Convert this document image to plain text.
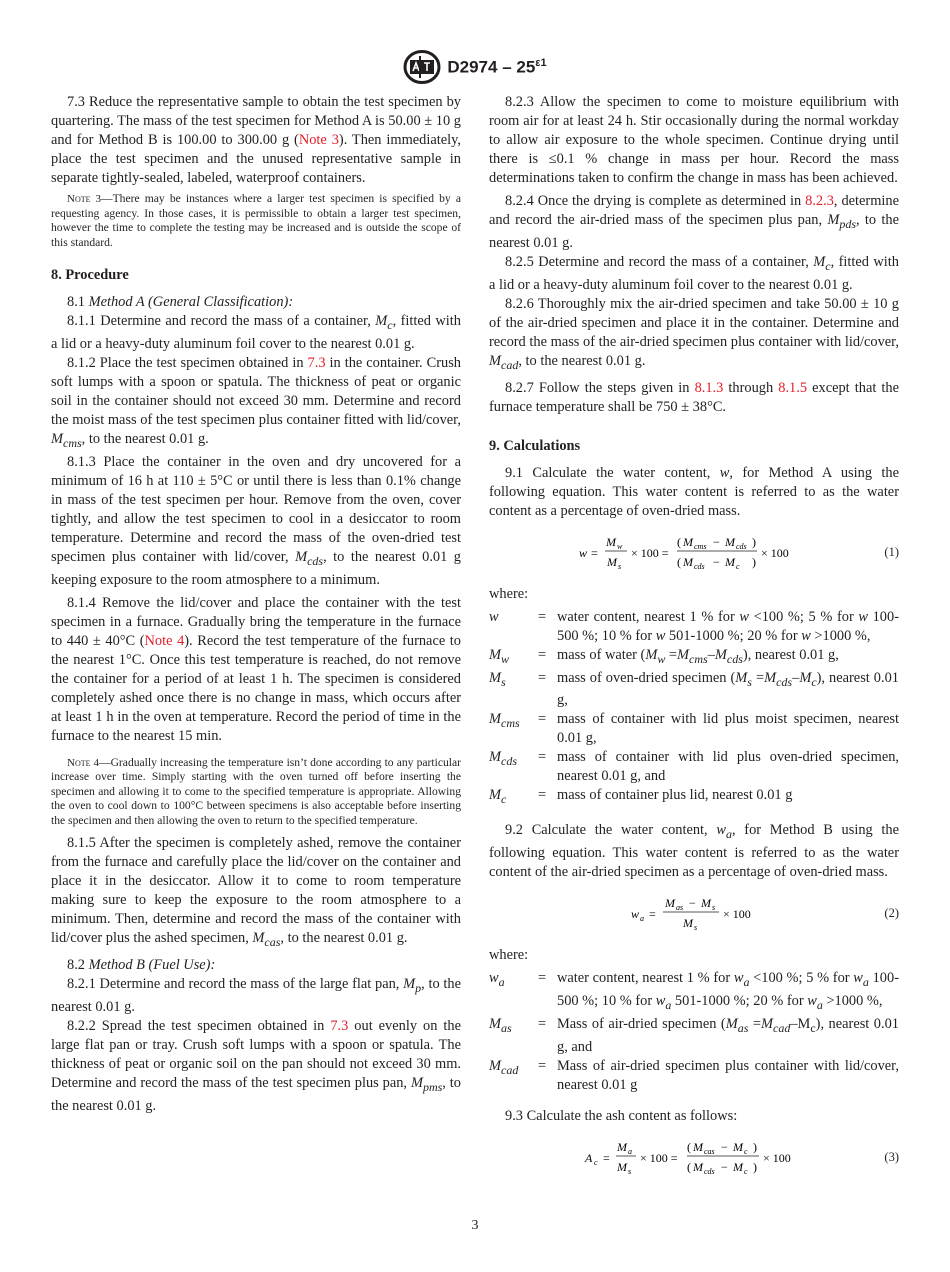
$D2974 - 25^{\varepsilon 1}$

7.3 Reduce the representative sample to obtain the test specimen by quartering. The mass of the test specimen for Method A is 50.00 ± 10 g and for Method B is 100.00 to 300.00 g (Note 3). Then immediately, place the test specimen and the unused representative sample in separate tightly-sealed, labeled, waterproof containers.

Note 3—There may be instances where a larger test specimen is specified by a requesting agency. In those cases, it is permissible to obtain a larger test specimen, however the time to complete the testing may be increased and is outside the scope of this standard.
8. Procedure

8.1 Method A (General Classification):

8.1.1 Determine and record the mass of a container, $M_c$, fitted with a lid or a heavy-duty aluminum foil cover to the nearest 0.01 g.

8.1.2 Place the test specimen obtained in 7.3 in the container. Crush soft lumps with a spoon or spatula. The thickness of peat or organic soil in the container should not exceed 30 mm. Determine and record the moist mass of the test specimen plus container fitted with lid/cover, $M_{cms}$, to the nearest 0.01 g.

8.1.3 Place the container in the oven and dry uncovered for a minimum of 16 h at 110 ± 5°C or until there is less than 0.1% change in mass of the test specimen per hour. Remove from the oven, cover tightly, and allow the test specimen to cool in a desiccator to room temperature. Determine and record the mass of the oven-dried test specimen plus container with lid/cover, $M_{cds}$, to the nearest 0.01 g keeping exposure to the room atmosphere to a minimum.

8.1.4 Remove the lid/cover and place the container with the test specimen in a furnace. Gradually bring the temperature in the furnace to 440 ± 40°C (Note 4). Record the test temperature of the furnace to the nearest 1°C. Once this test temperature is reached, do not remove the container for a period of at least 1 h. The specimen is considered completely ashed once there is no change in mass, which occurs after at least 1 h in the oven at temperature. Record the period of time in the furnace to the nearest 15 min.

Note 4—Gradually increasing the temperature isn’t done according to any particular increase over time. Simply starting with the oven turned off before inserting the specimen and allowing it to come to the specified temperature is appropriate. Allowing the oven to cool down to 100°C between specimens is also acceptable before inserting the specimen and then allowing the oven to return to the specified temperature.

8.1.5 After the specimen is completely ashed, remove the container from the furnace and carefully place the lid/cover on the container and place it in the desiccator. Allow it to come to room temperature making sure to keep the exposure to the room atmosphere to a minimum. Then, determine and record the mass of the container with lid/cover plus the ashed specimen, $M_{cas}$, to the nearest 0.01 g.

8.2 Method B (Fuel Use):

8.2.1 Determine and record the mass of the large flat pan, $M_p$, to the nearest 0.01 g.

8.2.2 Spread the test specimen obtained in 7.3 out evenly on the large flat pan or tray. Crush soft lumps with a spoon or spatula. The thickness of peat or organic soil on the pan should not exceed 30 mm. Determine and record the mass of the test specimen plus pan, $M_{pms}$, to the nearest 0.01 g.

8.2.3 Allow the specimen to come to moisture equilibrium with room air for at least 24 h. Stir occasionally during the normal workday to allow air exposure to the whole specimen. Continue drying until there is ≤0.1 % change in mass per hour. Record the mass determinations taken to confirm the change in mass has been achieved.

8.2.4 Once the drying is complete as determined in 8.2.3, determine and record the air-dried mass of the specimen plus pan, $M_{pds}$, to the nearest 0.01 g.

8.2.5 Determine and record the mass of a container, $M_c$, fitted with a lid or a heavy-duty aluminum foil cover to the nearest 0.01 g.

8.2.6 Thoroughly mix the air-dried specimen and take 50.00 ± 10 g of the air-dried specimen and place it in the container. Determine and record the mass of the air-dried specimen plus container with lid/cover, $M_{cad}$, to the nearest 0.01 g.

8.2.7 Follow the steps given in 8.1.3 through 8.1.5 except that the furnace temperature shall be 750 ± 38°C.

9. Calculations

9.1 Calculate the water content, w, for Method A using the following equation. This water content is referred to as the water content as a percentage of oven-dried mass.

w =
M w
M s
× 100 =
( M cms − M cds )
( M cds − M c )
× 100	(1)

where:

w	=	water content, nearest 1 % for w <100 %; 5 % for w 100-500 %; 10 % for w 501-1000 %; 20 % for w >1000 %,
$M_w$	=	mass of water $(M_w =M_{cms}-M_{cds})$, nearest 0.01 g,
$M_s$	=	mass of oven-dried specimen $(M_s =M_{cds}-M_c)$, nearest 0.01 g,
$M_{cms}$	=	mass of container with lid plus moist specimen, nearest 0.01 g,
$M_{cds}$	=	mass of container with lid plus oven-dried specimen, nearest 0.01 g, and
$M_c$	=	mass of container plus lid, nearest 0.01 g

9.2 Calculate the water content, $w_a$, for Method B using the following equation. This water content is referred to as the water content of the air-dried specimen as a percentage of oven-dried mass.

w a =
M as − M s
M s
× 100	(2)

where:

$w_a$	=	water content, nearest 1 % for $w_a <100$ %; 5 % for $w_a$ 100-500 %; 10 % for $w_a$ 501-1000 %; 20 % for $w_a >1000$ %,
$M_{as}$	=	Mass of air-dried specimen $(M_{as} =M_{cad}-M_c)$, nearest 0.01 g, and
$M_{cad}$	=	Mass of air-dried specimen plus container with lid/cover, nearest 0.01 g

9.3 Calculate the ash content as follows:

A c =
M a
M s
× 100 =
( M cas − M c )
( M cds − M c )
× 100	(3)
3
